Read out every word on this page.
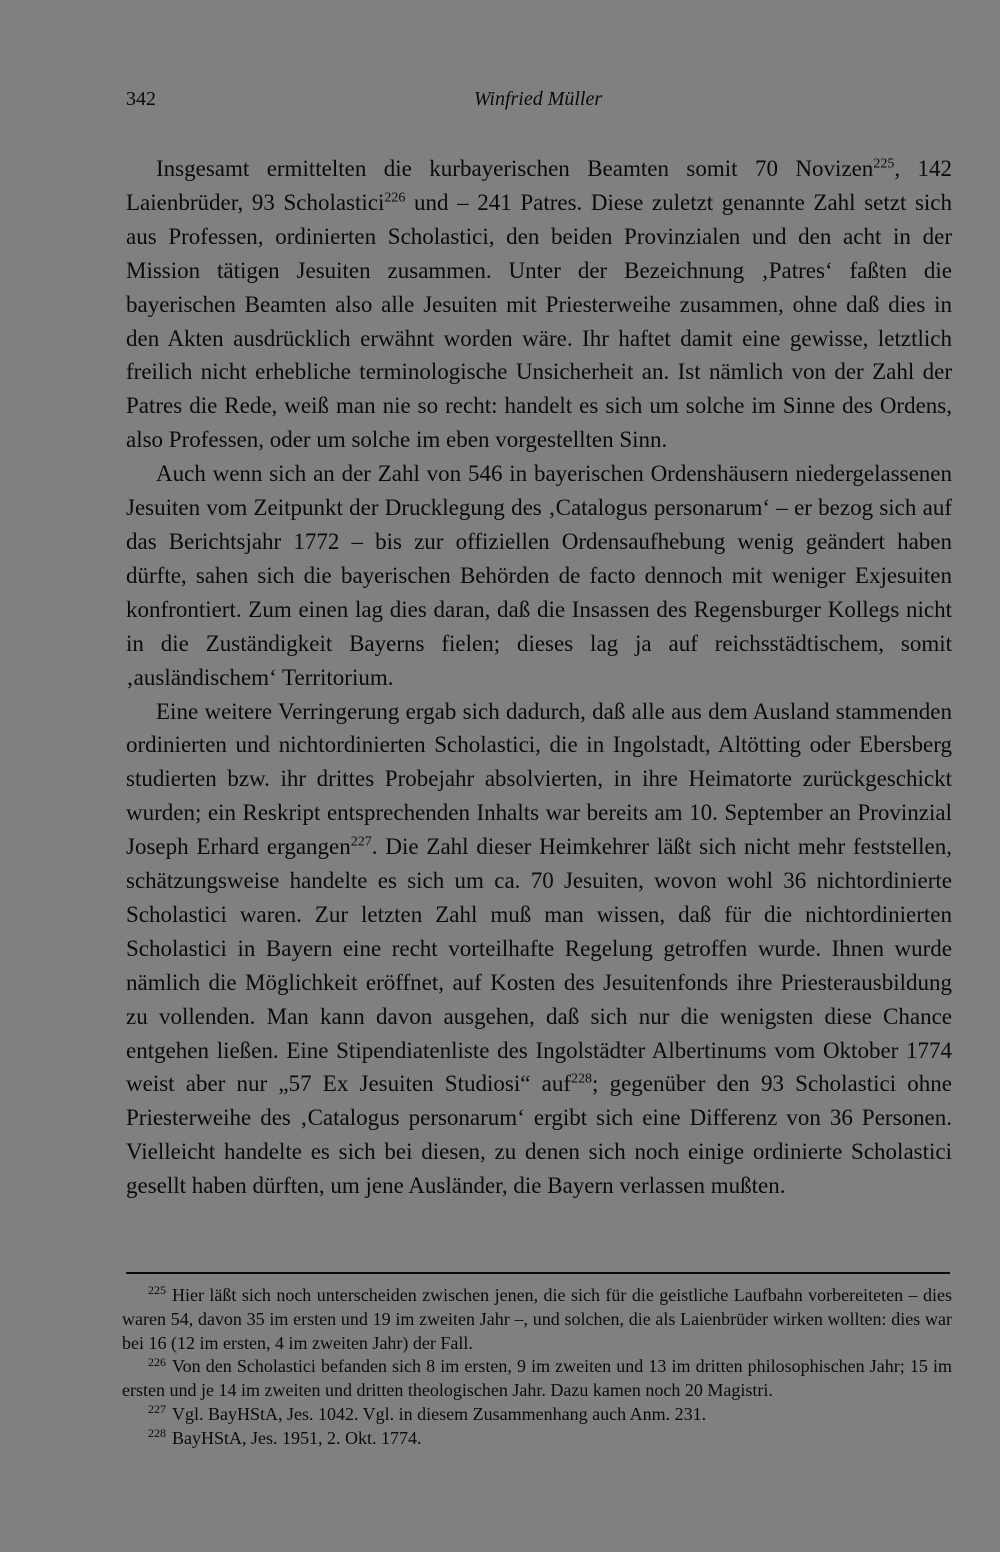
342	Winfried Müller

Insgesamt ermittelten die kurbayerischen Beamten somit 70 Novizen$^{225}$, 142 Laienbrüder, 93 Scholastici$^{226}$ und – 241 Patres. Diese zuletzt genannte Zahl setzt sich aus Professen, ordinierten Scholastici, den beiden Provinzialen und den acht in der Mission tätigen Jesuiten zusammen. Unter der Bezeichnung ‚Patres‘ faßten die bayerischen Beamten also alle Jesuiten mit Priesterweihe zusammen, ohne daß dies in den Akten ausdrücklich erwähnt worden wäre. Ihr haftet damit eine gewisse, letztlich freilich nicht erhebliche terminologische Unsicherheit an. Ist nämlich von der Zahl der Patres die Rede, weiß man nie so recht: handelt es sich um solche im Sinne des Ordens, also Professen, oder um solche im eben vorgestellten Sinn.

Auch wenn sich an der Zahl von 546 in bayerischen Ordenshäusern niedergelassenen Jesuiten vom Zeitpunkt der Drucklegung des ‚Catalogus personarum‘ – er bezog sich auf das Berichtsjahr 1772 – bis zur offiziellen Ordensaufhebung wenig geändert haben dürfte, sahen sich die bayerischen Behörden de facto dennoch mit weniger Exjesuiten konfrontiert. Zum einen lag dies daran, daß die Insassen des Regensburger Kollegs nicht in die Zuständigkeit Bayerns fielen; dieses lag ja auf reichsstädtischem, somit ‚ausländischem‘ Territorium.

Eine weitere Verringerung ergab sich dadurch, daß alle aus dem Ausland stammenden ordinierten und nichtordinierten Scholastici, die in Ingolstadt, Altötting oder Ebersberg studierten bzw. ihr drittes Probejahr absolvierten, in ihre Heimatorte zurückgeschickt wurden; ein Reskript entsprechenden Inhalts war bereits am 10. September an Provinzial Joseph Erhard ergangen$^{227}$. Die Zahl dieser Heimkehrer läßt sich nicht mehr feststellen, schätzungsweise handelte es sich um ca. 70 Jesuiten, wovon wohl 36 nichtordinierte Scholastici waren. Zur letzten Zahl muß man wissen, daß für die nichtordinierten Scholastici in Bayern eine recht vorteilhafte Regelung getroffen wurde. Ihnen wurde nämlich die Möglichkeit eröffnet, auf Kosten des Jesuitenfonds ihre Priesterausbildung zu vollenden. Man kann davon ausgehen, daß sich nur die wenigsten diese Chance entgehen ließen. Eine Stipendiatenliste des Ingolstädter Albertinums vom Oktober 1774 weist aber nur „57 Ex Jesuiten Studiosi“ auf$^{228}$; gegenüber den 93 Scholastici ohne Priesterweihe des ‚Catalogus personarum‘ ergibt sich eine Differenz von 36 Personen. Vielleicht handelte es sich bei diesen, zu denen sich noch einige ordinierte Scholastici gesellt haben dürften, um jene Ausländer, die Bayern verlassen mußten.

$^{225}$ Hier läßt sich noch unterscheiden zwischen jenen, die sich für die geistliche Laufbahn vorbereiteten – dies waren 54, davon 35 im ersten und 19 im zweiten Jahr –, und solchen, die als Laienbrüder wirken wollten: dies war bei 16 (12 im ersten, 4 im zweiten Jahr) der Fall.

$^{226}$ Von den Scholastici befanden sich 8 im ersten, 9 im zweiten und 13 im dritten philosophischen Jahr; 15 im ersten und je 14 im zweiten und dritten theologischen Jahr. Dazu kamen noch 20 Magistri.

$^{227}$ Vgl. BayHStA, Jes. 1042. Vgl. in diesem Zusammenhang auch Anm. 231.

$^{228}$ BayHStA, Jes. 1951, 2. Okt. 1774.
